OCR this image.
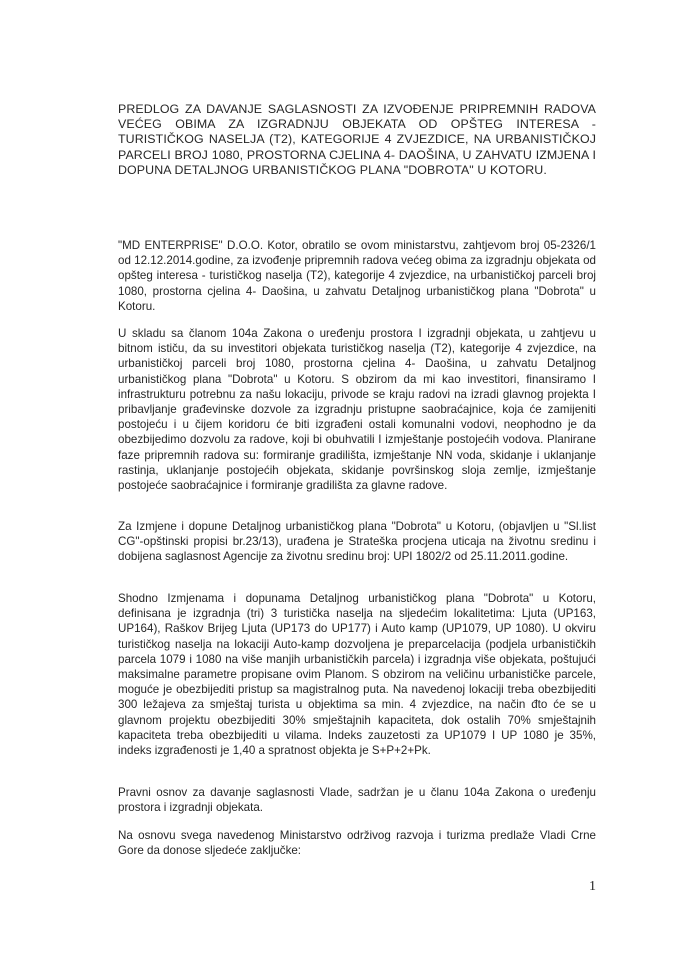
PREDLOG ZA DAVANJE SAGLASNOSTI ZA IZVOĐENJE PRIPREMNIH RADOVA VEĆEG OBIMA ZA IZGRADNJU OBJEKATA OD OPŠTEG INTERESA - TURISTIČKOG NASELJA (T2), KATEGORIJE 4 ZVJEZDICE, NA URBANISTIČKOJ PARCELI BROJ 1080, PROSTORNA CJELINA 4- DAOŠINA, U ZAHVATU IZMJENA I DOPUNA DETALJNOG URBANISTIČKOG PLANA "DOBROTA" U KOTORU.
"MD ENTERPRISE" D.O.O. Kotor, obratilo se ovom ministarstvu, zahtjevom broj 05-2326/1 od 12.12.2014.godine, za izvođenje pripremnih radova većeg obima za izgradnju objekata od opšteg interesa - turističkog naselja (T2), kategorije 4 zvjezdice, na urbanističkoj parceli broj 1080, prostorna cjelina 4- Daošina, u zahvatu Detaljnog urbanističkog plana "Dobrota" u Kotoru.
U skladu sa članom 104a Zakona o uređenju prostora I izgradnji objekata, u zahtjevu u bitnom ističu, da su investitori objekata turističkog naselja (T2), kategorije 4 zvjezdice, na urbanističkoj parceli broj 1080, prostorna cjelina 4- Daošina, u zahvatu Detaljnog urbanističkog plana "Dobrota" u Kotoru. S obzirom da mi kao investitori, finansiramo I infrastrukturu potrebnu za našu lokaciju, privode se kraju radovi na izradi glavnog projekta I pribavljanje građevinske dozvole za izgradnju pristupne saobraćajnice, koja će zamijeniti postojeću i u čijem koridoru će biti izgrađeni ostali komunalni vodovi, neophodno je da obezbijedimo dozvolu za radove, koji bi obuhvatili I izmještanje postojećih vodova. Planirane faze pripremnih radova su: formiranje gradilišta, izmještanje NN voda, skidanje i uklanjanje rastinja, uklanjanje postojećih objekata, skidanje površinskog sloja zemlje, izmještanje postojeće saobraćajnice i formiranje gradilišta za glavne radove.
Za Izmjene i dopune Detaljnog urbanističkog plana "Dobrota" u Kotoru, (objavljen u "Sl.list CG"-opštinski propisi br.23/13), urađena je Strateška procjena uticaja na životnu sredinu i dobijena saglasnost Agencije za životnu sredinu broj: UPI 1802/2 od 25.11.2011.godine.
Shodno Izmjenama i dopunama Detaljnog urbanističkog plana "Dobrota" u Kotoru, definisana je izgradnja (tri) 3 turistička naselja na sljedećim lokalitetima: Ljuta (UP163, UP164), Raškov Brijeg Ljuta (UP173 do UP177) i Auto kamp (UP1079, UP 1080). U okviru turističkog naselja na lokaciji Auto-kamp dozvoljena je preparcelacija (podjela urbanističkih parcela 1079 i 1080 na više manjih urbanističkih parcela) i izgradnja više objekata, poštujući maksimalne parametre propisane ovim Planom. S obzirom na veličinu urbanističke parcele, moguće je obezbijediti pristup sa magistralnog puta. Na navedenoj lokaciji treba obezbijediti 300 ležajeva za smještaj turista u objektima sa min. 4 zvjezdice, na način đto će se u glavnom projektu obezbijediti 30% smještajnih kapaciteta, dok ostalih 70% smještajnih kapaciteta treba obezbijediti u vilama. Indeks zauzetosti za UP1079 I UP 1080 je 35%, indeks izgrađenosti je 1,40 a spratnost objekta je S+P+2+Pk.
Pravni osnov za davanje saglasnosti Vlade, sadržan je u članu 104a Zakona o uređenju prostora i izgradnji objekata.
Na osnovu svega navedenog Ministarstvo održivog razvoja i turizma predlaže Vladi Crne Gore da donose sljedeće zaključke:
1
